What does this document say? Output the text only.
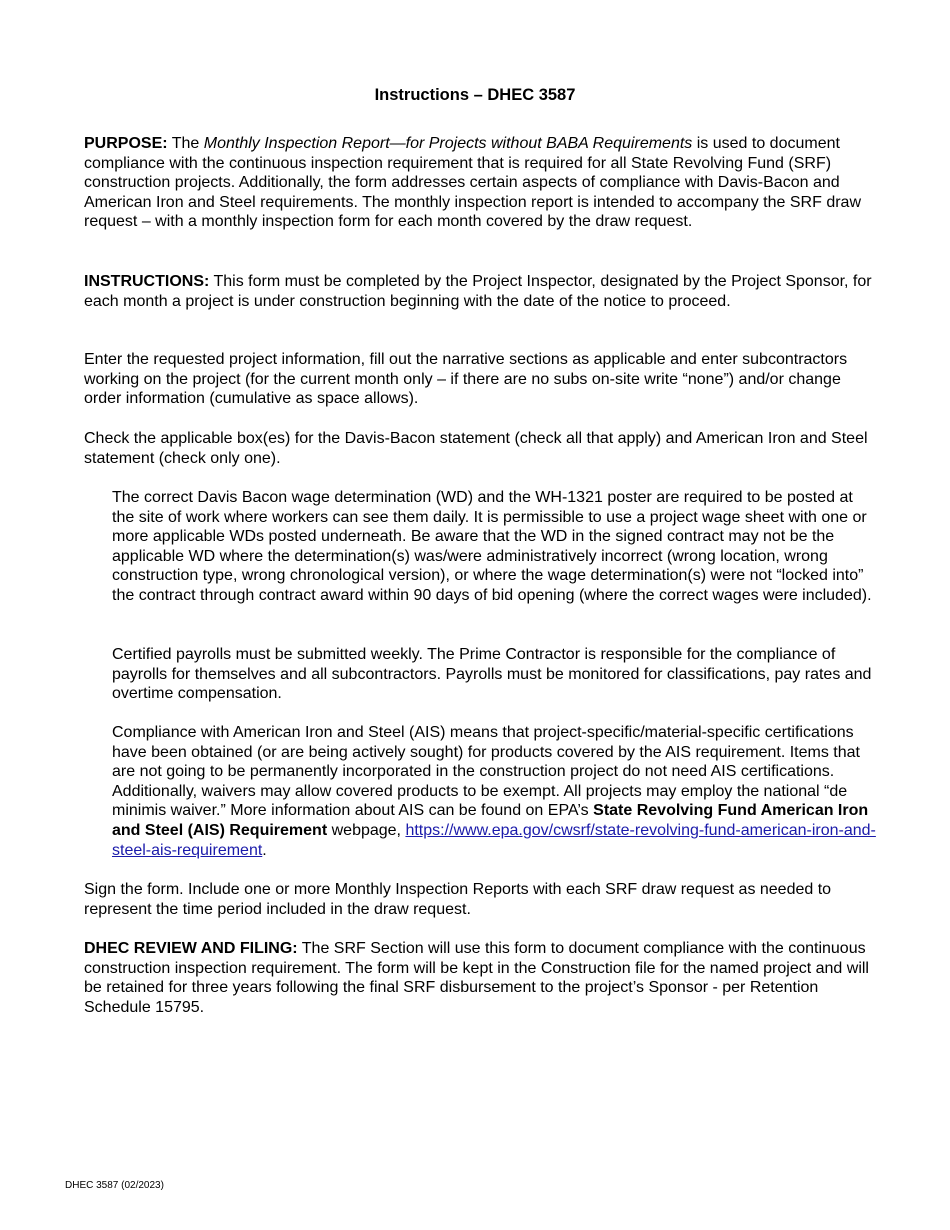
Instructions – DHEC 3587

PURPOSE: The Monthly Inspection Report—for Projects without BABA Requirements is used to document compliance with the continuous inspection requirement that is required for all State Revolving Fund (SRF) construction projects. Additionally, the form addresses certain aspects of compliance with Davis-Bacon and American Iron and Steel requirements. The monthly inspection report is intended to accompany the SRF draw request – with a monthly inspection form for each month covered by the draw request.

INSTRUCTIONS: This form must be completed by the Project Inspector, designated by the Project Sponsor, for each month a project is under construction beginning with the date of the notice to proceed.

Enter the requested project information, fill out the narrative sections as applicable and enter subcontractors working on the project (for the current month only – if there are no subs on-site write “none”) and/or change order information (cumulative as space allows).

Check the applicable box(es) for the Davis-Bacon statement (check all that apply) and American Iron and Steel statement (check only one).

The correct Davis Bacon wage determination (WD) and the WH-1321 poster are required to be posted at the site of work where workers can see them daily. It is permissible to use a project wage sheet with one or more applicable WDs posted underneath. Be aware that the WD in the signed contract may not be the applicable WD where the determination(s) was/were administratively incorrect (wrong location, wrong construction type, wrong chronological version), or where the wage determination(s) were not “locked into” the contract through contract award within 90 days of bid opening (where the correct wages were included).

Certified payrolls must be submitted weekly. The Prime Contractor is responsible for the compliance of payrolls for themselves and all subcontractors. Payrolls must be monitored for classifications, pay rates and overtime compensation.

Compliance with American Iron and Steel (AIS) means that project-specific/material-specific certifications have been obtained (or are being actively sought) for products covered by the AIS requirement. Items that are not going to be permanently incorporated in the construction project do not need AIS certifications. Additionally, waivers may allow covered products to be exempt. All projects may employ the national “de minimis waiver.” More information about AIS can be found on EPA’s State Revolving Fund American Iron and Steel (AIS) Requirement webpage, https://www.epa.gov/cwsrf/state-revolving-fund-american-iron-and-steel-ais-requirement.

Sign the form. Include one or more Monthly Inspection Reports with each SRF draw request as needed to represent the time period included in the draw request.

DHEC REVIEW AND FILING: The SRF Section will use this form to document compliance with the continuous construction inspection requirement. The form will be kept in the Construction file for the named project and will be retained for three years following the final SRF disbursement to the project’s Sponsor - per Retention Schedule 15795.

DHEC 3587 (02/2023)
